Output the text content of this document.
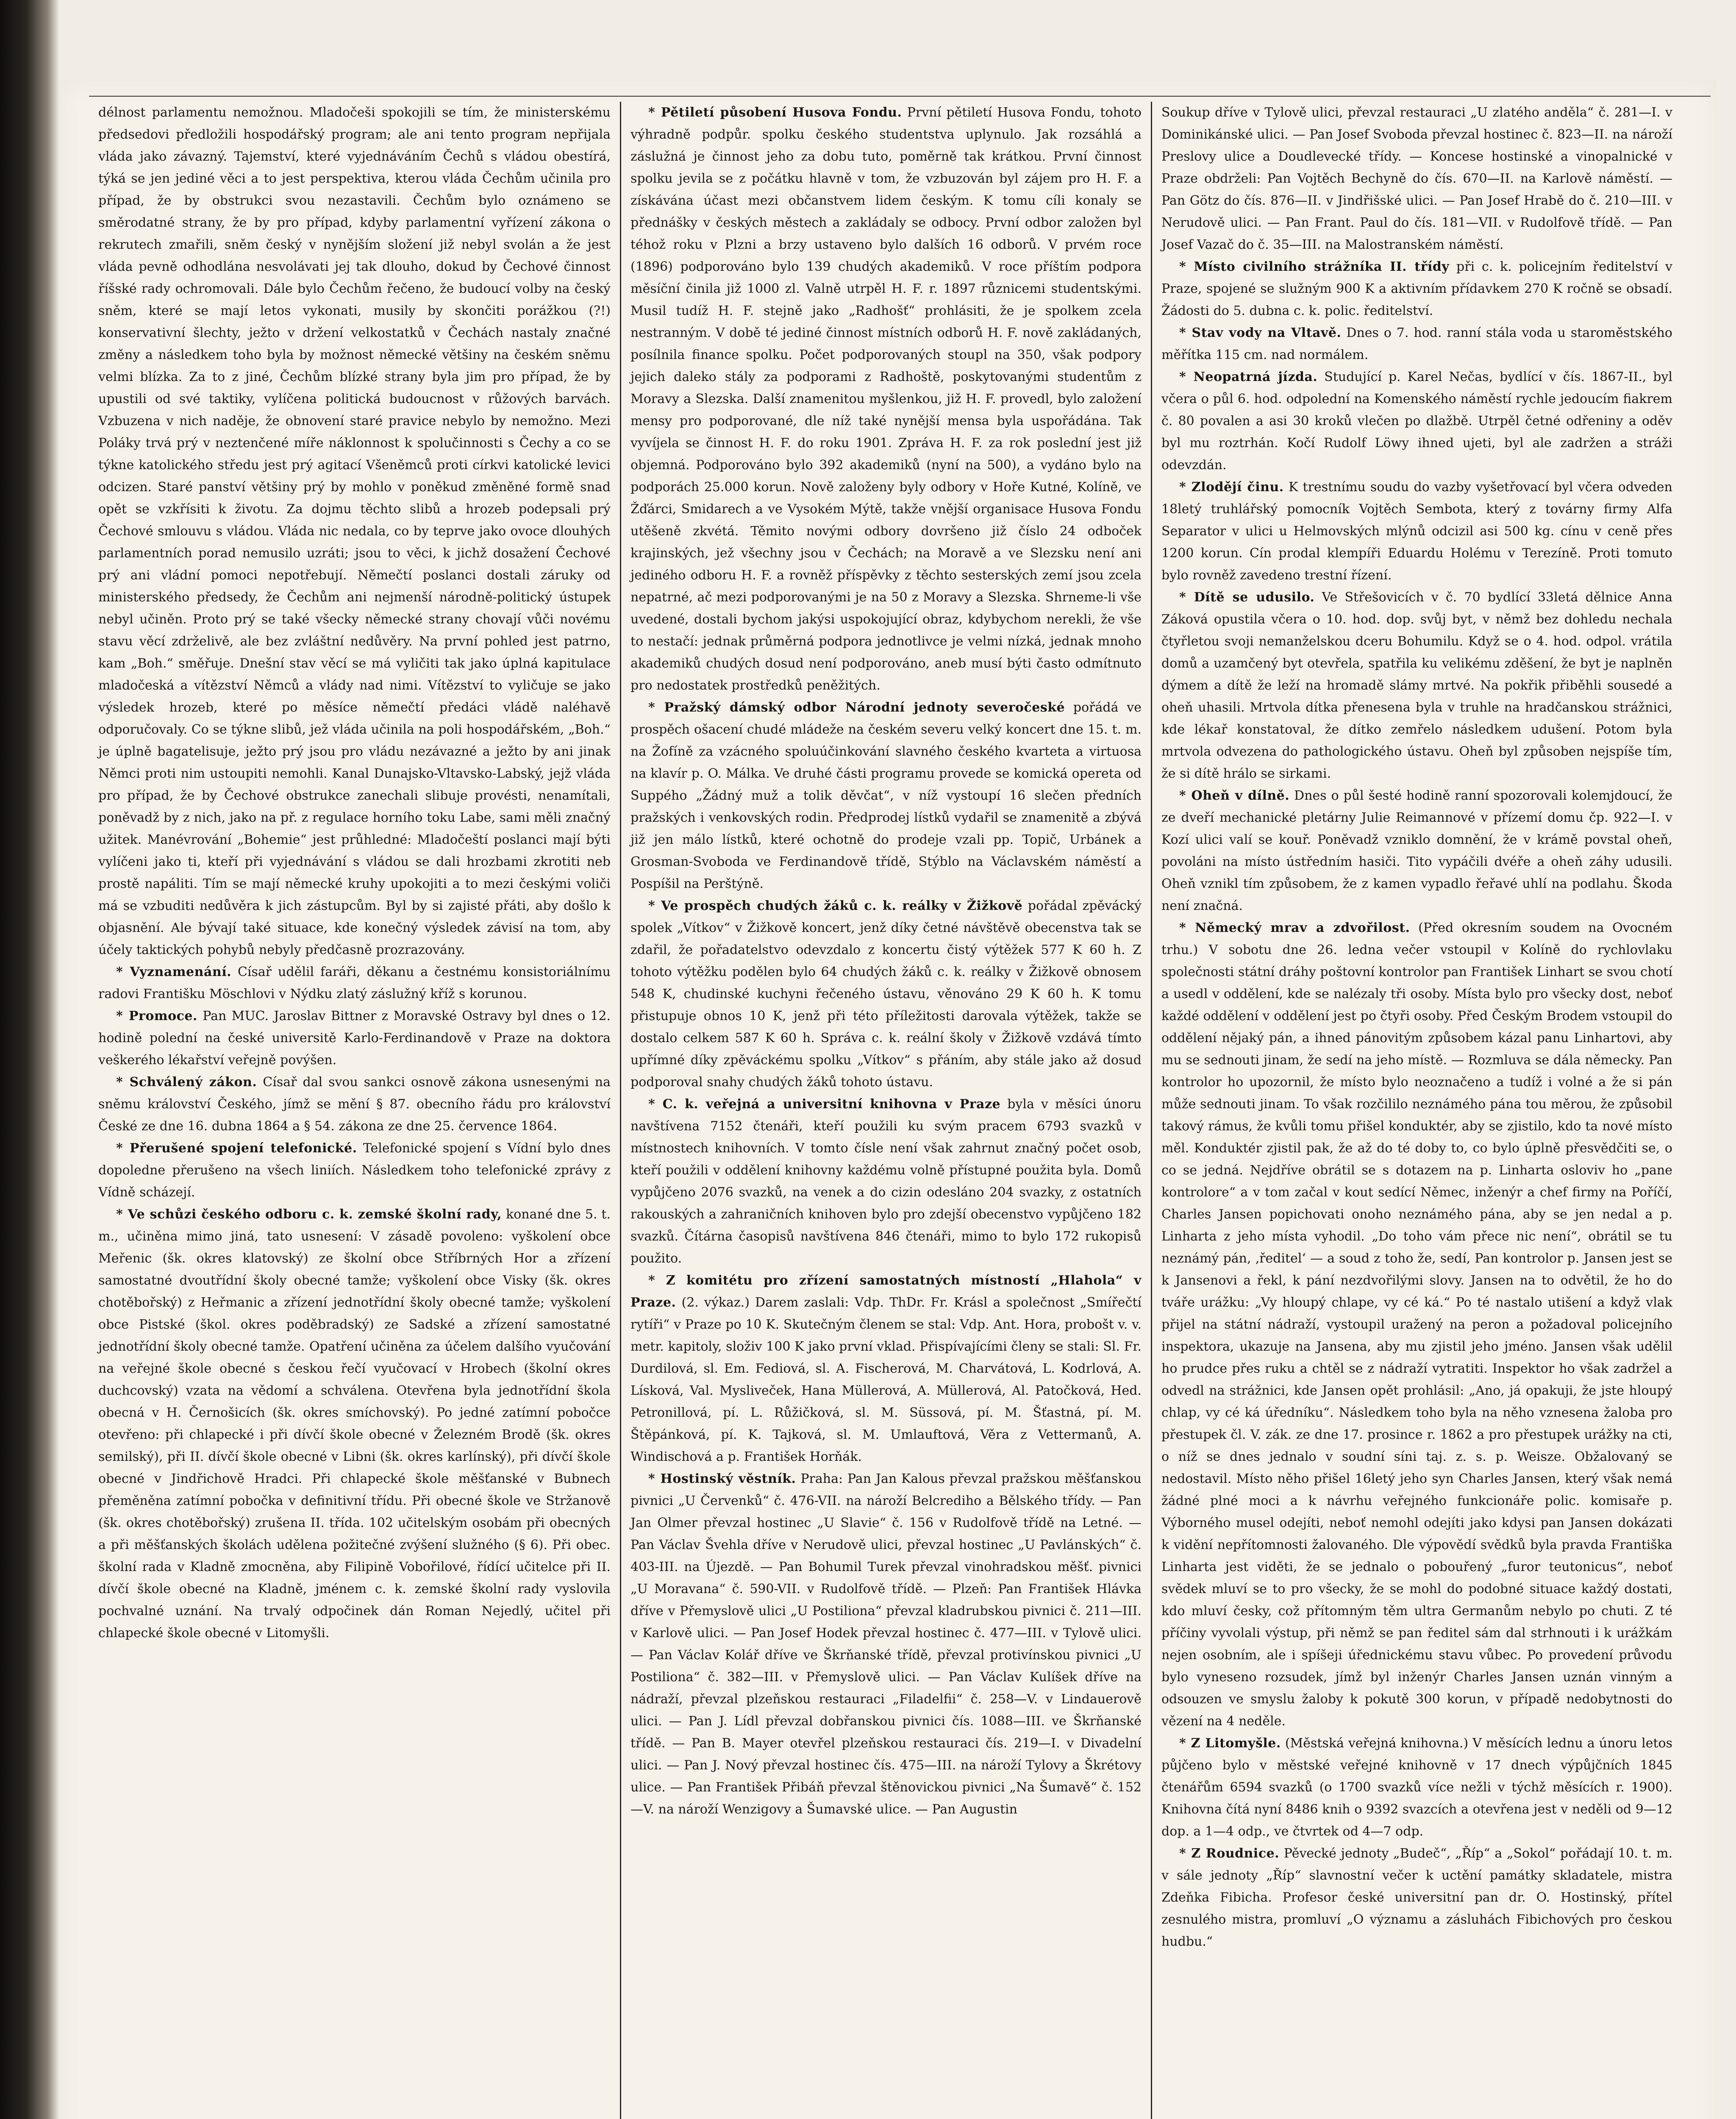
délnost parlamentu nemožnou. Mladočeši spokojili se tím, že ministerskému předsedovi předložili hospodářský program; ale ani tento program nepřijala vláda jako závazný. Tajemství, které vyjednáváním Čechů s vládou obestírá, týká se jen jediné věci a to jest perspektiva, kterou vláda Čechům učinila pro případ, že by obstrukci svou nezastavili. Čechům bylo oznámeno se směrodatné strany, že by pro případ, kdyby parlamentní vyřízení zákona o rekrutech zmařili, sněm český v nynějším složení již nebyl svolán a že jest vláda pevně odhodlána nesvolávati jej tak dlouho, dokud by Čechové činnost říšské rady ochromovali. Dále bylo Čechům řečeno, že budoucí volby na český sněm, které se mají letos vykonati, musily by skončiti porážkou (?!) konservativní šlechty, ježto v držení velkostatků v Čechách nastaly značné změny a následkem toho byla by možnost německé většiny na českém sněmu velmi blízka. Za to z jiné, Čechům blízké strany byla jim pro případ, že by upustili od své taktiky, vylíčena politická budoucnost v růžových barvách. Vzbuzena v nich naděje, že obnovení staré pravice nebylo by nemožno. Mezi Poláky trvá prý v neztenčené míře náklonnost k spolučinnosti s Čechy a co se týkne katolického středu jest prý agitací Všeněmců proti církvi katolické levici odcizen. Staré panství většiny prý by mohlo v poněkud změněné formě snad opět se vzkřísiti k životu. Za dojmu těchto slibů a hrozeb podepsali prý Čechové smlouvu s vládou. Vláda nic nedala, co by teprve jako ovoce dlouhých parlamentních porad nemusilo uzráti; jsou to věci, k jichž dosažení Čechové prý ani vládní pomoci nepotřebují. Němečtí poslanci dostali záruky od ministerského předsedy, že Čechům ani nejmenší národně-politický ústupek nebyl učiněn. Proto prý se také všecky německé strany chovají vůči novému stavu věcí zdrželivě, ale bez zvláštní nedůvěry. Na první pohled jest patrno, kam „Boh.“ směřuje. Dnešní stav věcí se má vyličiti tak jako úplná kapitulace mladočeská a vítězství Němců a vlády nad nimi. Vítězství to vyličuje se jako výsledek hrozeb, které po měsíce němečtí předáci vládě naléhavě odporučovaly. Co se týkne slibů, jež vláda učinila na poli hospodářském, „Boh.“ je úplně bagatelisuje, ježto prý jsou pro vládu nezávazné a ježto by ani jinak Němci proti nim ustoupiti nemohli. Kanal Dunajsko-Vltavsko-Labský, jejž vláda pro případ, že by Čechové obstrukce zanechali slibuje provésti, nenamítali, poněvadž by z nich, jako na př. z regulace horního toku Labe, sami měli značný užitek. Manévrování „Bohemie“ jest průhledné: Mladočeští poslanci mají býti vylíčeni jako ti, kteří při vyjednávání s vládou se dali hrozbami zkrotiti neb prostě napáliti. Tím se mají německé kruhy upokojiti a to mezi českými voliči má se vzbuditi nedůvěra k jich zástupcům. Byl by si zajisté přáti, aby došlo k objasnění. Ale bývají také situace, kde konečný výsledek závisí na tom, aby účely taktických pohybů nebyly předčasně prozrazovány.

* Vyznamenání. Císař udělil faráři, děkanu a čestnému konsistoriálnímu radovi Františku Möschlovi v Nýdku zlatý záslužný kříž s korunou.

* Promoce. Pan MUC. Jaroslav Bittner z Moravské Ostravy byl dnes o 12. hodině polední na české universitě Karlo-Ferdinandově v Praze na doktora veškerého lékařství veřejně povýšen.

* Schválený zákon. Císař dal svou sankci osnově zákona usnesenými na sněmu království Českého, jímž se mění § 87. obecního řádu pro království České ze dne 16. dubna 1864 a § 54. zákona ze dne 25. července 1864.

* Přerušené spojení telefonické. Telefonické spojení s Vídní bylo dnes dopoledne přerušeno na všech liniích. Následkem toho telefonické zprávy z Vídně scházejí.

* Ve schůzi českého odboru c. k. zemské školní rady, konané dne 5. t. m., učiněna mimo jiná, tato usnesení: V zásadě povoleno: vyškolení obce Meřenic (šk. okres klatovský) ze školní obce Stříbrných Hor a zřízení samostatné dvoutřídní školy obecné tamže; vyškolení obce Visky (šk. okres chotěbořský) z Heřmanic a zřízení jednotřídní školy obecné tamže; vyškolení obce Pistské (škol. okres poděbradský) ze Sadské a zřízení samostatné jednotřídní školy obecné tamže. Opatření učiněna za účelem dalšího vyučování na veřejné škole obecné s českou řečí vyučovací v Hrobech (školní okres duchcovský) vzata na vědomí a schválena. Otevřena byla jednotřídní škola obecná v H. Černošicích (šk. okres smíchovský). Po jedné zatímní pobočce otevřeno: při chlapecké i při dívčí škole obecné v Železném Brodě (šk. okres semilský), při II. dívčí škole obecné v Libni (šk. okres karlínský), při dívčí škole obecné v Jindřichově Hradci. Při chlapecké škole měšťanské v Bubnech přeměněna zatímní pobočka v definitivní třídu. Při obecné škole ve Stržanově (šk. okres chotěbořský) zrušena II. třída. 102 učitelským osobám při obecných a při měšťanských školách udělena požitečné zvýšení služného (§ 6). Při obec. školní rada v Kladně zmocněna, aby Filipině Vobořilové, řídící učitelce při II. dívčí škole obecné na Kladně, jménem c. k. zemské školní rady vyslovila pochvalné uznání. Na trvalý odpočinek dán Roman Nejedlý, učitel při chlapecké škole obecné v Litomyšli.

* Pětiletí působení Husova Fondu. První pětiletí Husova Fondu, tohoto výhradně podpůr. spolku českého studentstva uplynulo. Jak rozsáhlá a záslužná je činnost jeho za dobu tuto, poměrně tak krátkou. První činnost spolku jevila se z počátku hlavně v tom, že vzbuzován byl zájem pro H. F. a získávána účast mezi občanstvem lidem českým. K tomu cíli konaly se přednášky v českých městech a zakládaly se odbocy. První odbor založen byl téhož roku v Plzni a brzy ustaveno bylo dalších 16 odborů. V prvém roce (1896) podporováno bylo 139 chudých akademiků. V roce příštím podpora měsíční činila již 1000 zl. Valně utrpěl H. F. r. 1897 různicemi studentskými. Musil tudíž H. F. stejně jako „Radhošť“ prohlásiti, že je spolkem zcela nestranným. V době té jediné činnost místních odborů H. F. nově zakládaných, posílnila finance spolku. Počet podporovaných stoupl na 350, však podpory jejich daleko stály za podporami z Radhoště, poskytovanými studentům z Moravy a Slezska. Další znamenitou myšlenkou, již H. F. provedl, bylo založení mensy pro podporované, dle níž také nynější mensa byla uspořádána. Tak vyvíjela se činnost H. F. do roku 1901. Zpráva H. F. za rok poslední jest již objemná. Podporováno bylo 392 akademiků (nyní na 500), a vydáno bylo na podporách 25.000 korun. Nově založeny byly odbory v Hoře Kutné, Kolíně, ve Žďárci, Smidarech a ve Vysokém Mýtě, takže vnější organisace Husova Fondu utěšeně zkvétá. Těmito novými odbory dovršeno již číslo 24 odboček krajinských, jež všechny jsou v Čechách; na Moravě a ve Slezsku není ani jediného odboru H. F. a rovněž příspěvky z těchto sesterských zemí jsou zcela nepatrné, ač mezi podporovanými je na 50 z Moravy a Slezska. Shrneme-li vše uvedené, dostali bychom jakýsi uspokojující obraz, kdybychom nerekli, že vše to nestačí: jednak průměrná podpora jednotlivce je velmi nízká, jednak mnoho akademiků chudých dosud není podporováno, aneb musí býti často odmítnuto pro nedostatek prostředků peněžitých.

* Pražský dámský odbor Národní jednoty severočeské pořádá ve prospěch ošacení chudé mládeže na českém severu velký koncert dne 15. t. m. na Žofíně za vzácného spoluúčinkování slavného českého kvarteta a virtuosa na klavír p. O. Málka. Ve druhé části programu provede se komická opereta od Suppého „Žádný muž a tolik děvčat“, v níž vystoupí 16 slečen předních pražských i venkovských rodin. Předprodej lístků vydařil se znamenitě a zbývá již jen málo lístků, které ochotně do prodeje vzali pp. Topič, Urbánek a Grosman-Svoboda ve Ferdinandově třídě, Stýblo na Václavském náměstí a Pospíšil na Perštýně.

* Ve prospěch chudých žáků c. k. reálky v Žižkově pořádal zpěvácký spolek „Vítkov“ v Žižkově koncert, jenž díky četné návštěvě obecenstva tak se zdařil, že pořadatelstvo odevzdalo z koncertu čistý výtěžek 577 K 60 h. Z tohoto výtěžku podělen bylo 64 chudých žáků c. k. reálky v Žižkově obnosem 548 K, chudinské kuchyni řečeného ústavu, věnováno 29 K 60 h. K tomu přistupuje obnos 10 K, jenž při této příležitosti darovala výtěžek, takže se dostalo celkem 587 K 60 h. Správa c. k. reální školy v Žižkově vzdává tímto upřímné díky zpěváckému spolku „Vítkov“ s přáním, aby stále jako až dosud podporoval snahy chudých žáků tohoto ústavu.

* C. k. veřejná a universitní knihovna v Praze byla v měsíci únoru navštívena 7152 čtenáři, kteří použili ku svým pracem 6793 svazků v místnostech knihovních. V tomto čísle není však zahrnut značný počet osob, kteří použili v oddělení knihovny každému volně přístupné použita byla. Domů vypůjčeno 2076 svazků, na venek a do cizin odesláno 204 svazky, z ostatních rakouských a zahraničních knihoven bylo pro zdejší obecenstvo vypůjčeno 182 svazků. Čítárna časopisů navštívena 846 čtenáři, mimo to bylo 172 rukopisů použito.

* Z komitétu pro zřízení samostatných místností „Hlahola“ v Praze. (2. výkaz.) Darem zaslali: Vdp. ThDr. Fr. Krásl a společnost „Smířečtí rytíři“ v Praze po 10 K. Skutečným členem se stal: Vdp. Ant. Hora, probošt v. v. metr. kapitoly, složiv 100 K jako první vklad. Přispívajícími členy se stali: Sl. Fr. Durdilová, sl. Em. Fediová, sl. A. Fischerová, M. Charvátová, L. Kodrlová, A. Lísková, Val. Mysliveček, Hana Müllerová, A. Müllerová, Al. Patočková, Hed. Petronillová, pí. L. Růžičková, sl. M. Süssová, pí. M. Šťastná, pí. M. Štěpánková, pí. K. Tajková, sl. M. Umlauftová, Věra z Vettermanů, A. Windischová a p. František Horňák.

* Hostinský věstník. Praha: Pan Jan Kalous převzal pražskou měšťanskou pivnici „U Červenků“ č. 476-VII. na nároží Belcrediho a Bělského třídy. — Pan Jan Olmer převzal hostinec „U Slavie“ č. 156 v Rudolfově třídě na Letné. — Pan Václav Švehla dříve v Nerudově ulici, převzal hostinec „U Pavlánských“ č. 403-III. na Újezdě. — Pan Bohumil Turek převzal vinohradskou měšť. pivnici „U Moravana“ č. 590-VII. v Rudolfově třídě. — Plzeň: Pan František Hlávka dříve v Přemyslově ulici „U Postiliona“ převzal kladrubskou pivnici č. 211—III. v Karlově ulici. — Pan Josef Hodek převzal hostinec č. 477—III. v Tylově ulici. — Pan Václav Kolář dříve ve Škrňanské třídě, převzal protivínskou pivnici „U Postiliona“ č. 382—III. v Přemyslově ulici. — Pan Václav Kulíšek dříve na nádraží, převzal plzeňskou restauraci „Filadelfii“ č. 258—V. v Lindauerově ulici. — Pan J. Lídl převzal dobřanskou pivnici čís. 1088—III. ve Škrňanské třídě. — Pan B. Mayer otevřel plzeňskou restauraci čís. 219—I. v Divadelní ulici. — Pan J. Nový převzal hostinec čís. 475—III. na nároží Tylovy a Škrétovy ulice. — Pan František Přibáň převzal štěnovickou pivnici „Na Šumavě“ č. 152—V. na nároží Wenzigovy a Šumavské ulice. — Pan Augustin

Soukup dříve v Tylově ulici, převzal restauraci „U zlatého anděla“ č. 281—I. v Dominikánské ulici. — Pan Josef Svoboda převzal hostinec č. 823—II. na nároží Preslovy ulice a Doudlevecké třídy. — Koncese hostinské a vinopalnické v Praze obdrželi: Pan Vojtěch Bechyně do čís. 670—II. na Karlově náměstí. — Pan Götz do čís. 876—II. v Jindřišské ulici. — Pan Josef Hrabě do č. 210—III. v Nerudově ulici. — Pan Frant. Paul do čís. 181—VII. v Rudolfově třídě. — Pan Josef Vazač do č. 35—III. na Malostranském náměstí.

* Místo civilního strážníka II. třídy při c. k. policejním ředitelství v Praze, spojené se služným 900 K a aktivním přídavkem 270 K ročně se obsadí. Žádosti do 5. dubna c. k. polic. ředitelství.

* Stav vody na Vltavě. Dnes o 7. hod. ranní stála voda u staroměstského měřítka 115 cm. nad normálem.

* Neopatrná jízda. Studující p. Karel Nečas, bydlící v čís. 1867-II., byl včera o půl 6. hod. odpolední na Komenského náměstí rychle jedoucím fiakrem č. 80 povalen a asi 30 kroků vlečen po dlažbě. Utrpěl četné odřeniny a oděv byl mu roztrhán. Kočí Rudolf Löwy ihned ujeti, byl ale zadržen a stráži odevzdán.

* Zlodějí činu. K trestnímu soudu do vazby vyšetřovací byl včera odveden 18letý truhlářský pomocník Vojtěch Sembota, který z továrny firmy Alfa Separator v ulici u Helmovských mlýnů odcizil asi 500 kg. cínu v ceně přes 1200 korun. Cín prodal klempíři Eduardu Holému v Terezíně. Proti tomuto bylo rovněž zavedeno trestní řízení.

* Dítě se udusilo. Ve Střešovicích v č. 70 bydlící 33letá dělnice Anna Záková opustila včera o 10. hod. dop. svůj byt, v němž bez dohledu nechala čtyřletou svoji nemanželskou dceru Bohumilu. Když se o 4. hod. odpol. vrátila domů a uzamčený byt otevřela, spatřila ku velikému zděšení, že byt je naplněn dýmem a dítě že leží na hromadě slámy mrtvé. Na pokřik přiběhli sousedé a oheň uhasili. Mrtvola dítka přenesena byla v truhle na hradčanskou strážnici, kde lékař konstatoval, že dítko zemřelo následkem udušení. Potom byla mrtvola odvezena do pathologického ústavu. Oheň byl způsoben nejspíše tím, že si dítě hrálo se sirkami.

* Oheň v dílně. Dnes o půl šesté hodině ranní spozorovali kolemjdoucí, že ze dveří mechanické pletárny Julie Reimannové v přízemí domu čp. 922—I. v Kozí ulici valí se kouř. Poněvadž vzniklo domnění, že v krámě povstal oheň, povoláni na místo ústředním hasiči. Tito vypáčili dvéře a oheň záhy udusili. Oheň vznikl tím způsobem, že z kamen vypadlo řeřavé uhlí na podlahu. Škoda není značná.

* Německý mrav a zdvořilost. (Před okresním soudem na Ovocném trhu.) V sobotu dne 26. ledna večer vstoupil v Kolíně do rychlovlaku společnosti státní dráhy poštovní kontrolor pan František Linhart se svou chotí a usedl v oddělení, kde se nalézaly tři osoby. Místa bylo pro všecky dost, neboť každé oddělení v oddělení jest po čtyři osoby. Před Českým Brodem vstoupil do oddělení nějaký pán, a ihned pánovitým způsobem kázal panu Linhartovi, aby mu se sednouti jinam, že sedí na jeho místě. — Rozmluva se dála německy. Pan kontrolor ho upozornil, že místo bylo neoznačeno a tudíž i volné a že si pán může sednouti jinam. To však rozčililo neznámého pána tou měrou, že způsobil takový rámus, že kvůli tomu přišel konduktér, aby se zjistilo, kdo ta nové místo měl. Konduktér zjistil pak, že až do té doby to, co bylo úplně přesvědčiti se, o co se jedná. Nejdříve obrátil se s dotazem na p. Linharta osloviv ho „pane kontrolore“ a v tom začal v kout sedící Němec, inženýr a chef firmy na Poříčí, Charles Jansen popichovati onoho neznámého pána, aby se jen nedal a p. Linharta z jeho místa vyhodil. „Do toho vám přece nic není“, obrátil se tu neznámý pán, ‚ředitel‘ — a soud z toho že, sedí, Pan kontrolor p. Jansen jest se k Jansenovi a řekl, k pání nezdvořilými slovy. Jansen na to odvětil, že ho do tváře urážku: „Vy hloupý chlape, vy cé ká.“ Po té nastalo utišení a když vlak přijel na státní nádraží, vystoupil uražený na peron a požadoval policejního inspektora, ukazuje na Jansena, aby mu zjistil jeho jméno. Jansen však udělil ho prudce přes ruku a chtěl se z nádraží vytratiti. Inspektor ho však zadržel a odvedl na strážnici, kde Jansen opět prohlásil: „Ano, já opakuji, že jste hloupý chlap, vy cé ká úředníku“. Následkem toho byla na něho vznesena žaloba pro přestupek čl. V. zák. ze dne 17. prosince r. 1862 a pro přestupek urážky na cti, o níž se dnes jednalo v soudní síni taj. z. s. p. Weisze. Obžalovaný se nedostavil. Místo něho přišel 16letý jeho syn Charles Jansen, který však nemá žádné plné moci a k návrhu veřejného funkcionáře polic. komisaře p. Výborného musel odejíti, neboť nemohl odejíti jako kdysi pan Jansen dokázati k vidění nepřítomnosti žalovaného. Dle výpovědí svědků byla pravda Františka Linharta jest viděti, že se jednalo o pobouřený „furor teutonicus“, neboť svědek mluví se to pro všecky, že se mohl do podobné situace každý dostati, kdo mluví česky, což přítomným těm ultra Germanům nebylo po chuti. Z té příčiny vyvolali výstup, při němž se pan ředitel sám dal strhnouti i k urážkám nejen osobním, ale i spíšeji úřednickému stavu vůbec. Po provedení průvodu bylo vyneseno rozsudek, jímž byl inženýr Charles Jansen uznán vinným a odsouzen ve smyslu žaloby k pokutě 300 korun, v případě nedobytnosti do vězení na 4 neděle.

* Z Litomyšle. (Městská veřejná knihovna.) V měsících lednu a únoru letos půjčeno bylo v městské veřejné knihovně v 17 dnech výpůjčních 1845 čtenářům 6594 svazků (o 1700 svazků více nežli v týchž měsících r. 1900). Knihovna čítá nyní 8486 knih o 9392 svazcích a otevřena jest v neděli od 9—12 dop. a 1—4 odp., ve čtvrtek od 4—7 odp.

* Z Roudnice. Pěvecké jednoty „Budeč“, „Říp“ a „Sokol“ pořádají 10. t. m. v sále jednoty „Říp“ slavnostní večer k uctění památky skladatele, mistra Zdeňka Fibicha. Profesor české universitní pan dr. O. Hostinský, přítel zesnulého mistra, promluví „O významu a zásluhách Fibichových pro českou hudbu.“
